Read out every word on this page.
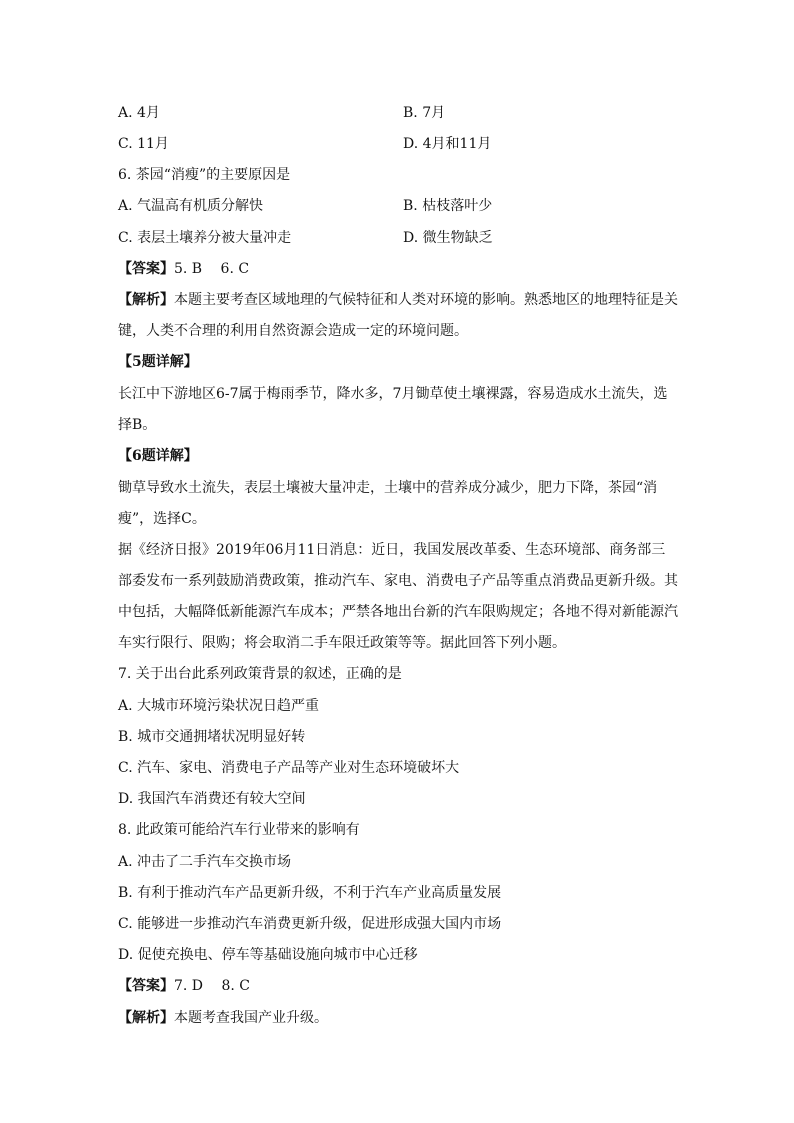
A. 4月	B. 7月
C. 11月	D. 4月和11月
6. 茶园“消瘦”的主要原因是
A. 气温高有机质分解快	B. 枯枝落叶少
C. 表层土壤养分被大量冲走	D. 微生物缺乏
【答案】5. B　 6. C
【解析】本题主要考查区域地理的气候特征和人类对环境的影响。熟悉地区的地理特征是关键，人类不合理的利用自然资源会造成一定的环境问题。
【5题详解】
长江中下游地区6-7属于梅雨季节，降水多，7月锄草使土壤裸露，容易造成水土流失，选择B。
【6题详解】
锄草导致水土流失，表层土壤被大量冲走，土壤中的营养成分减少，肥力下降，茶园“消瘦”，选择C。
据《经济日报》2019年06月11日消息：近日，我国发展改革委、生态环境部、商务部三部委发布一系列鼓励消费政策，推动汽车、家电、消费电子产品等重点消费品更新升级。其中包括，大幅降低新能源汽车成本；严禁各地出台新的汽车限购规定；各地不得对新能源汽车实行限行、限购；将会取消二手车限迁政策等等。据此回答下列小题。
7. 关于出台此系列政策背景的叙述，正确的是
A. 大城市环境污染状况日趋严重
B. 城市交通拥堵状况明显好转
C. 汽车、家电、消费电子产品等产业对生态环境破坏大
D. 我国汽车消费还有较大空间
8. 此政策可能给汽车行业带来的影响有
A. 冲击了二手汽车交换市场
B. 有利于推动汽车产品更新升级，不利于汽车产业高质量发展
C. 能够进一步推动汽车消费更新升级，促进形成强大国内市场
D. 促使充换电、停车等基础设施向城市中心迁移
【答案】7. D　 8. C
【解析】本题考查我国产业升级。
